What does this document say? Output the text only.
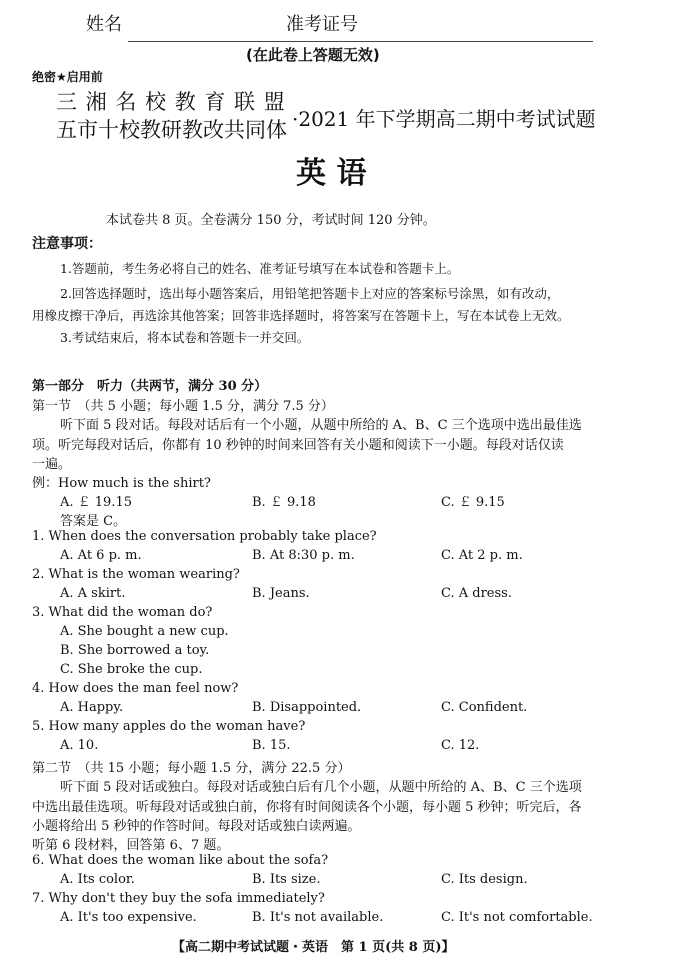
姓名	准考证号
(在此卷上答题无效)
绝密★启用前
三 湘 名 校 教 育 联 盟
五市十校教研教改共同体 ·2021 年下学期高二期中考试试题
英 语
本试卷共 8 页。全卷满分 150 分，考试时间 120 分钟。
注意事项：
1.答题前，考生务必将自己的姓名、准考证号填写在本试卷和答题卡上。
2.回答选择题时，选出每小题答案后，用铅笔把答题卡上对应的答案标号涂黑，如有改动，
用橡皮擦干净后，再选涂其他答案；回答非选择题时，将答案写在答题卡上，写在本试卷上无效。
3.考试结束后，将本试卷和答题卡一并交回。
第一部分　听力（共两节，满分 30 分）
第一节　（共 5 小题；每小题 1.5 分，满分 7.5 分）
听下面 5 段对话。每段对话后有一个小题，从题中所给的 A、B、C 三个选项中选出最佳选
项。听完每段对话后，你都有 10 秒钟的时间来回答有关小题和阅读下一小题。每段对话仅读
一遍。
例：How much is the shirt?
A. ￡ 19.15	B. ￡ 9.18	C. ￡ 9.15
答案是 C。
1. When does the conversation probably take place?
A. At 6 p. m.	B. At 8:30 p. m.	C. At 2 p. m.
2. What is the woman wearing?
A. A skirt.	B. Jeans.	C. A dress.
3. What did the woman do?
A. She bought a new cup.
B. She borrowed a toy.
C. She broke the cup.
4. How does the man feel now?
A. Happy.	B. Disappointed.	C. Confident.
5. How many apples do the woman have?
A. 10.	B. 15.	C. 12.
第二节　（共 15 小题；每小题 1.5 分，满分 22.5 分）
听下面 5 段对话或独白。每段对话或独白后有几个小题，从题中所给的 A、B、C 三个选项
中选出最佳选项。听每段对话或独白前，你将有时间阅读各个小题，每小题 5 秒钟；听完后，各
小题将给出 5 秒钟的作答时间。每段对话或独白读两遍。
听第 6 段材料，回答第 6、7 题。
6. What does the woman like about the sofa?
A. Its color.	B. Its size.	C. Its design.
7. Why don't they buy the sofa immediately?
A. It's too expensive.	B. It's not available.	C. It's not comfortable.
【高二期中考试试题・英语　第 1 页(共 8 页)】
